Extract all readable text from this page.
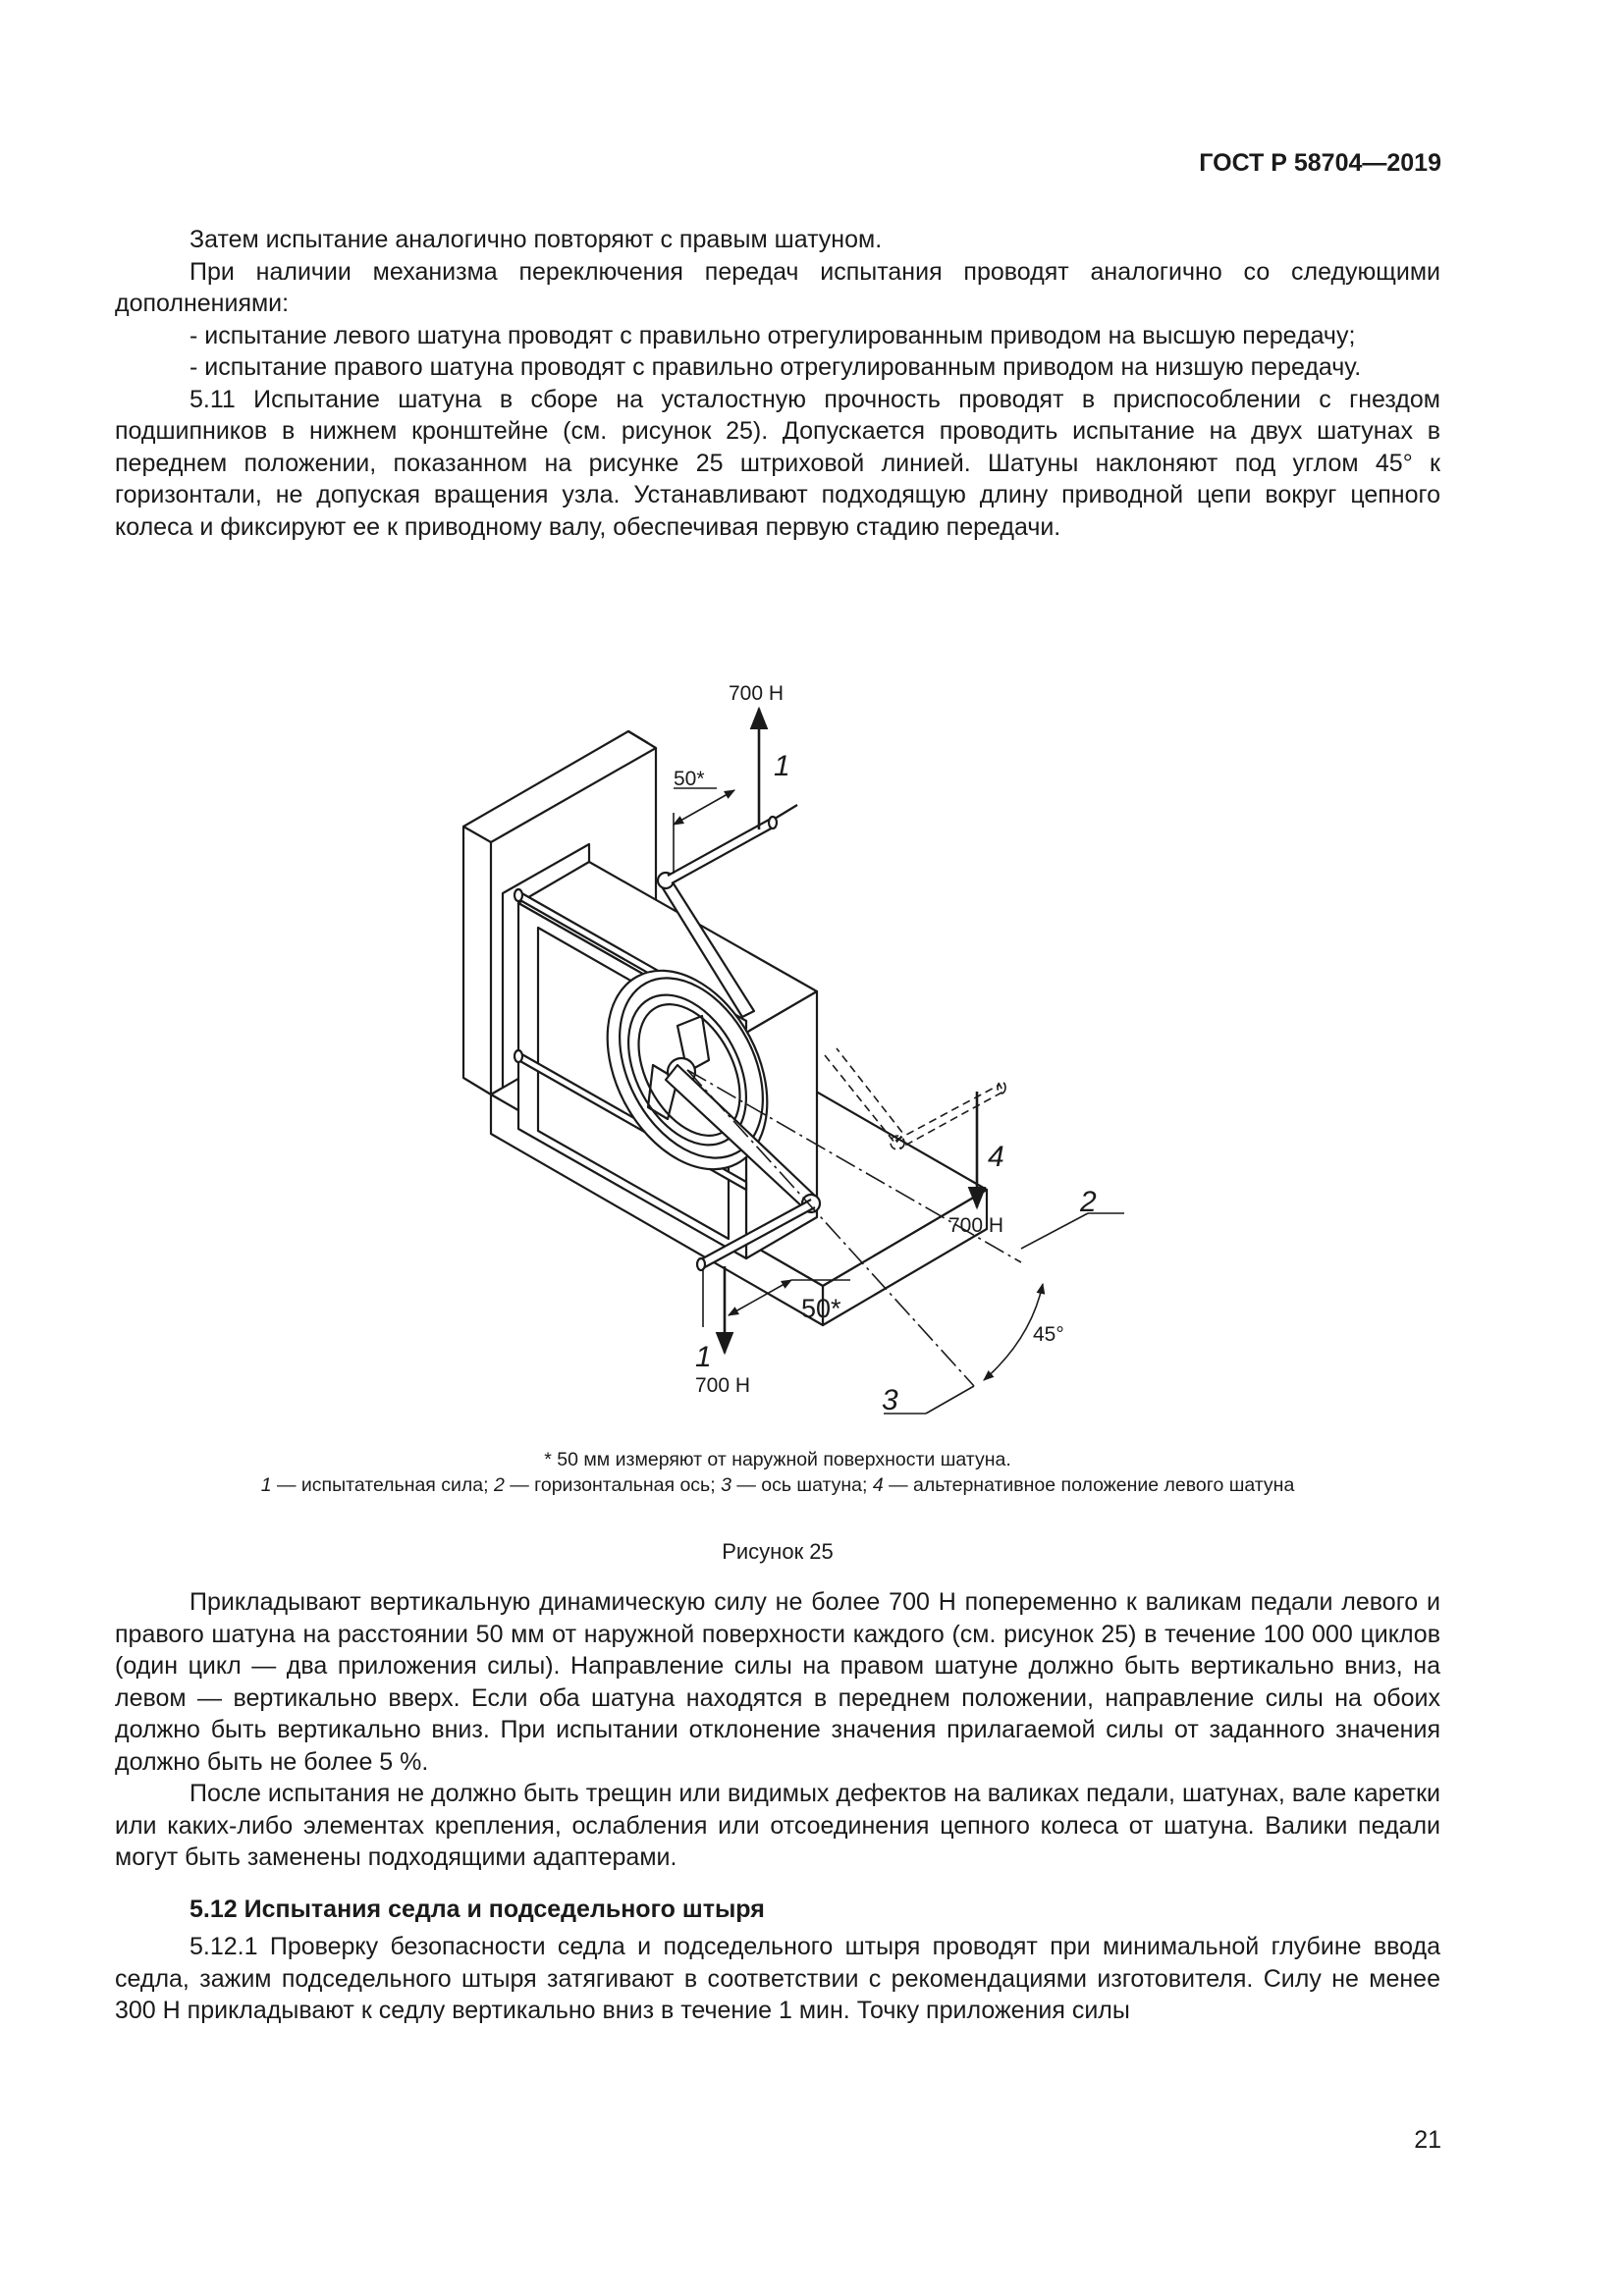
ГОСТ Р 58704—2019
Затем испытание аналогично повторяют с правым шатуном.
При наличии механизма переключения передач испытания проводят аналогично со следующими дополнениями:
- испытание левого шатуна проводят с правильно отрегулированным приводом на высшую передачу;
- испытание правого шатуна проводят с правильно отрегулированным приводом на низшую передачу.
5.11 Испытание шатуна в сборе на усталостную прочность проводят в приспособлении с гнездом подшипников в нижнем кронштейне (см. рисунок 25). Допускается проводить испытание на двух шатунах в переднем положении, показанном на рисунке 25 штриховой линией. Шатуны наклоняют под углом 45° к горизонтали, не допуская вращения узла. Устанавливают подходящую длину приводной цепи вокруг цепного колеса и фиксируют ее к приводному валу, обеспечивая первую стадию передачи.
700 Н
50* 1
4
700 Н
2
50*
45°
1
700 Н	3
* 50 мм измеряют от наружной поверхности шатуна.
1 — испытательная сила; 2 — горизонтальная ось; 3 — ось шатуна; 4 — альтернативное положение левого шатуна
Рисунок 25
Прикладывают вертикальную динамическую силу не более 700 Н попеременно к валикам педали левого и правого шатуна на расстоянии 50 мм от наружной поверхности каждого (см. рисунок 25) в течение 100 000 циклов (один цикл — два приложения силы). Направление силы на правом шатуне должно быть вертикально вниз, на левом — вертикально вверх. Если оба шатуна находятся в переднем положении, направление силы на обоих должно быть вертикально вниз. При испытании отклонение значения прилагаемой силы от заданного значения должно быть не более 5 %.
После испытания не должно быть трещин или видимых дефектов на валиках педали, шатунах, вале каретки или каких-либо элементах крепления, ослабления или отсоединения цепного колеса от шатуна. Валики педали могут быть заменены подходящими адаптерами.
5.12 Испытания седла и подседельного штыря
5.12.1 Проверку безопасности седла и подседельного штыря проводят при минимальной глубине ввода седла, зажим подседельного штыря затягивают в соответствии с рекомендациями изготовителя. Силу не менее 300 Н прикладывают к седлу вертикально вниз в течение 1 мин. Точку приложения силы
21
